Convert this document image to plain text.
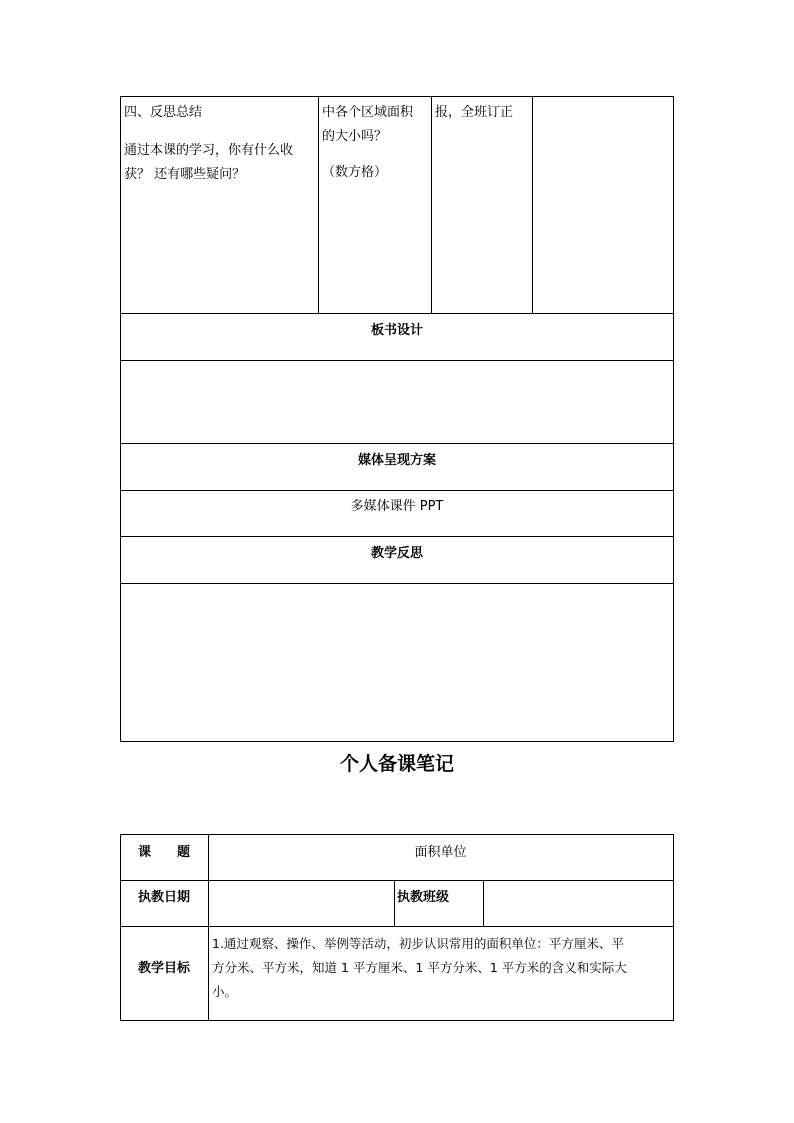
四、反思总结
通过本课的学习，你有什么收
获？ 还有哪些疑问？
中各个区域面积
的大小吗？
（数方格）
报，全班订正
板书设计
媒体呈现方案
多媒体课件 PPT
教学反思
个人备课笔记
课　　题	面积单位
执教日期	执教班级
教学目标
1.通过观察、操作、举例等活动，初步认识常用的面积单位：平方厘米、平
方分米、平方米，知道 1 平方厘米、1 平方分米、1 平方米的含义和实际大
小。
